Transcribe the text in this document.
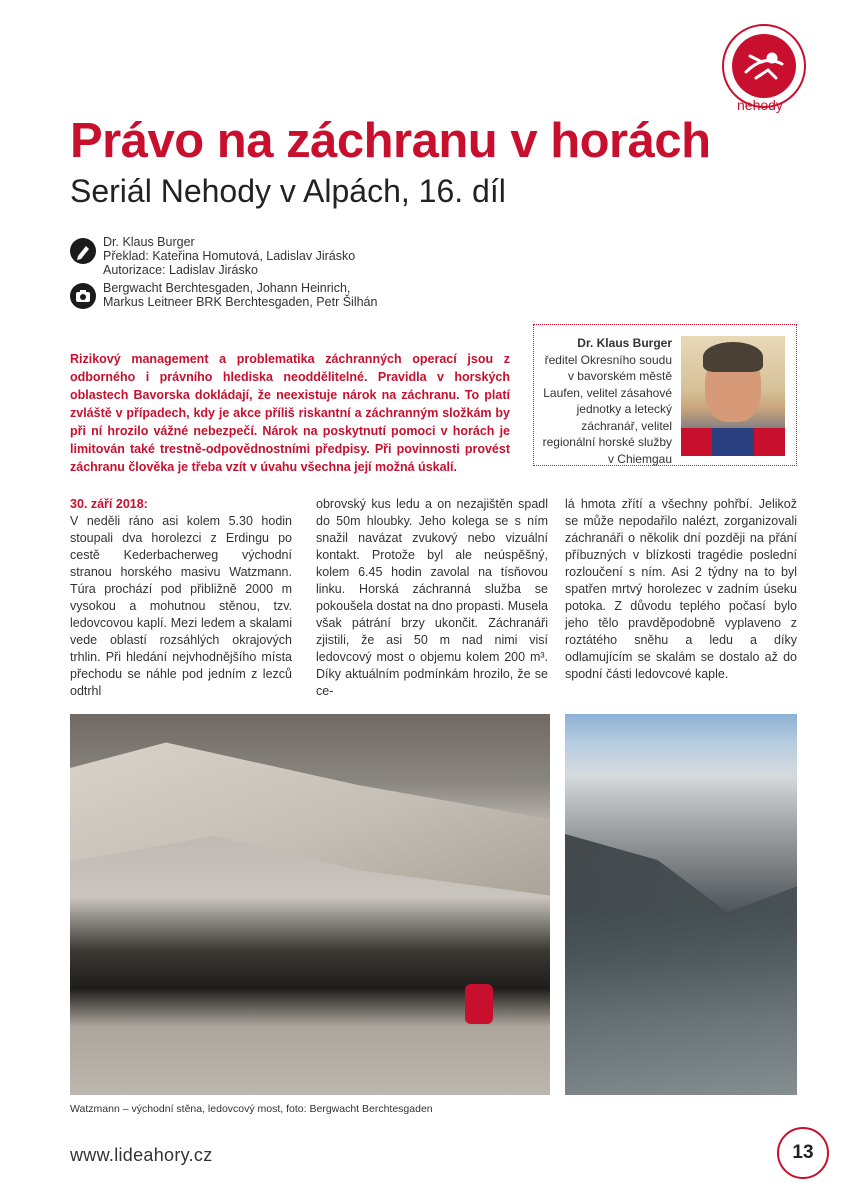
nehody
Právo na záchranu v horách
Seriál Nehody v Alpách, 16. díl
Dr. Klaus Burger
Překlad: Kateřina Homutová, Ladislav Jirásko
Autorizace: Ladislav Jirásko
Bergwacht Berchtesgaden, Johann Heinrich,
Markus Leitneer BRK Berchtesgaden, Petr Šilhán

Rizikový management a problematika záchranných operací jsou z odborného i právního hlediska neoddělitelné. Pravidla v horských oblastech Bavorska dokládají, že neexistuje nárok na záchranu. To platí zvláště v případech, kdy je akce příliš riskantní a záchranným složkám by při ní hrozilo vážné nebezpečí. Nárok na poskytnutí pomoci v horách je limitován také trestně-odpovědnostními předpisy. Při povinnosti provést záchranu člověka je třeba vzít v úvahu všechna její možná úskalí.

Dr. Klaus Burger
ředitel Okresního soudu v bavorském městě Laufen, velitel zásahové jednotky a letecký záchranář, velitel regionální horské služby v Chiemgau

30. září 2018:
V neděli ráno asi kolem 5.30 hodin stoupali dva horolezci z Erdingu po cestě Kederbacherweg východní stranou horského masivu Watzmann. Túra prochází pod přibližně 2000 m vysokou a mohutnou stěnou, tzv. ledovcovou kaplí. Mezi ledem a skalami vede oblastí rozsáhlých okrajových trhlin. Při hledání nejvhodnějšího místa přechodu se náhle pod jedním z lezců odtrhl

obrovský kus ledu a on nezajištěn spadl do 50m hloubky. Jeho kolega se s ním snažil navázat zvukový nebo vizuální kontakt. Protože byl ale neúspěšný, kolem 6.45 hodin zavolal na tísňovou linku. Horská záchranná služba se pokoušela dostat na dno propasti. Musela však pátrání brzy ukončit. Záchranáři zjistili, že asi 50 m nad nimi visí ledovcový most o objemu kolem 200 m³. Díky aktuálním podmínkám hrozilo, že se ce-

lá hmota zřítí a všechny pohřbí. Jelikož se může nepodařilo nalézt, zorganizovali záchranáři o několik dní později na přání příbuzných v blízkosti tragédie poslední rozloučení s ním. Asi 2 týdny na to byl spatřen mrtvý horolezec v zadním úseku potoka. Z důvodu teplého počasí bylo jeho tělo pravděpodobně vyplaveno z roztátého sněhu a ledu a díky odlamujícím se skalám se dostalo až do spodní části ledovcové kaple.

Watzmann – východní stěna, ledovcový most, foto: Bergwacht Berchtesgaden
www.lideahory.cz	13
